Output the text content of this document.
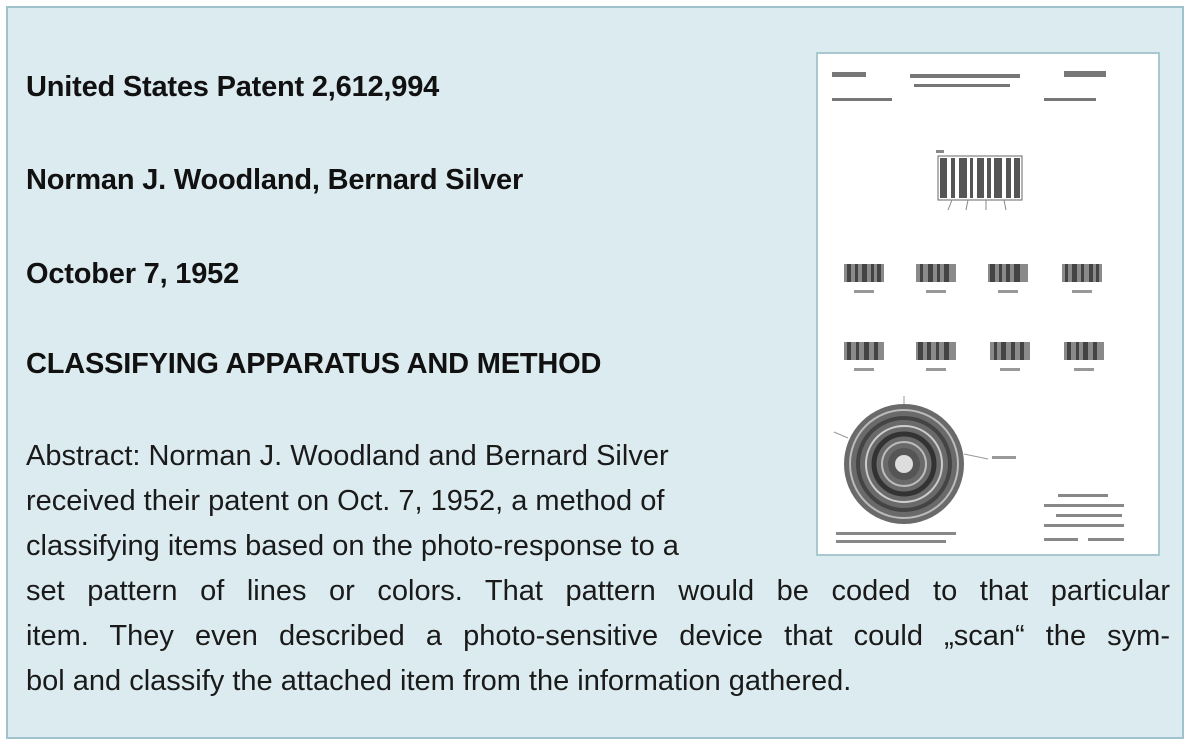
United States Patent 2,612,994

Norman J. Woodland, Bernard Silver

October 7, 1952

CLASSIFYING APPARATUS AND METHOD

Abstract: Norman J. Woodland and Bernard Silver
received their patent on Oct. 7, 1952, a method of
classifying items based on the photo-response to a
set pattern of lines or colors. That pattern would be coded to that particular
item. They even described a photo-sensitive device that could „scan“ the sym-
bol and classify the attached item from the information gathered.
